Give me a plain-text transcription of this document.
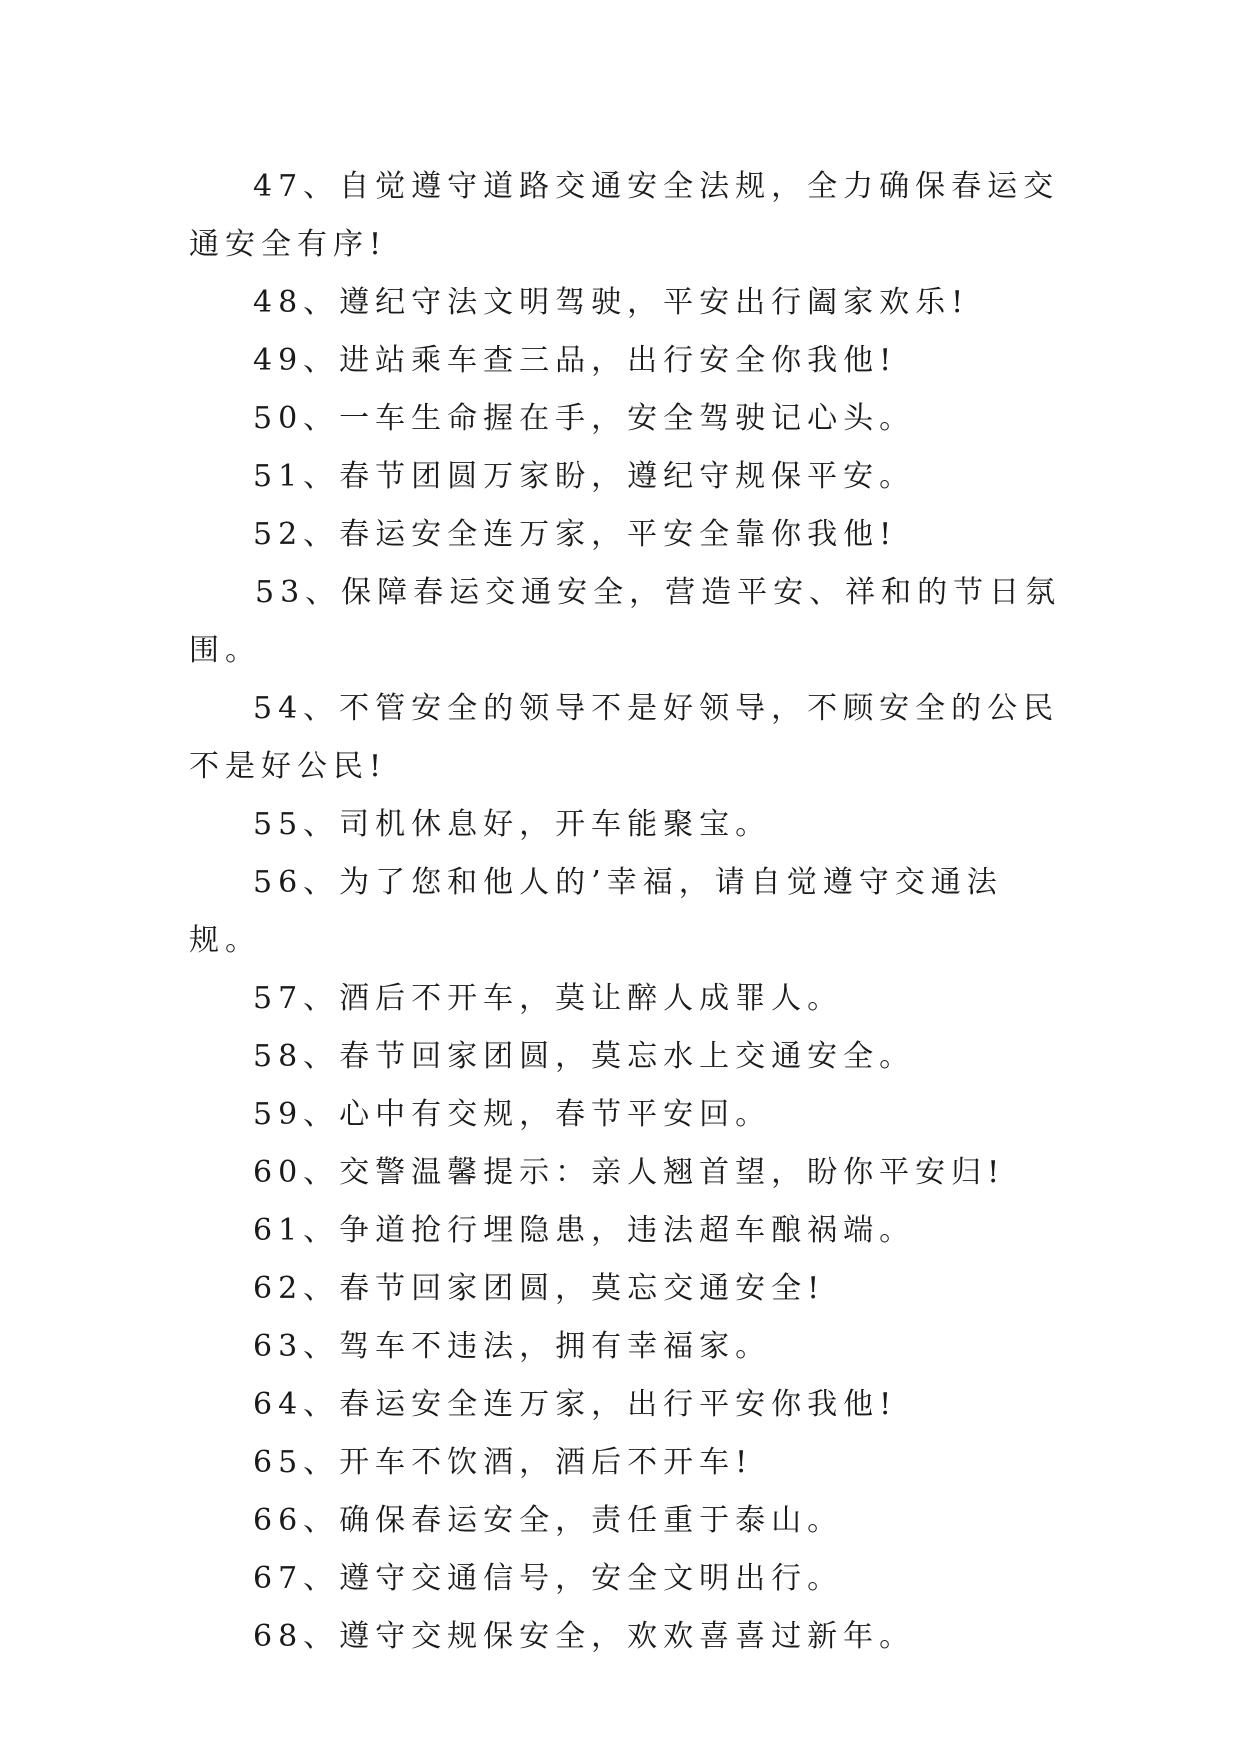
47、自觉遵守道路交通安全法规，全力确保春运交通安全有序!

48、遵纪守法文明驾驶，平安出行阖家欢乐!

49、进站乘车查三品，出行安全你我他!

50、一车生命握在手，安全驾驶记心头。

51、春节团圆万家盼，遵纪守规保平安。

52、春运安全连万家，平安全靠你我他!

53、保障春运交通安全，营造平安、祥和的节日氛围。

54、不管安全的领导不是好领导，不顾安全的公民不是好公民!

55、司机休息好，开车能聚宝。

56、为了您和他人的’幸福，请自觉遵守交通法规。

57、酒后不开车，莫让醉人成罪人。

58、春节回家团圆，莫忘水上交通安全。

59、心中有交规，春节平安回。

60、交警温馨提示：亲人翘首望，盼你平安归!

61、争道抢行埋隐患，违法超车酿祸端。

62、春节回家团圆，莫忘交通安全!

63、驾车不违法，拥有幸福家。

64、春运安全连万家，出行平安你我他!

65、开车不饮酒，酒后不开车!

66、确保春运安全，责任重于泰山。

67、遵守交通信号，安全文明出行。

68、遵守交规保安全，欢欢喜喜过新年。
